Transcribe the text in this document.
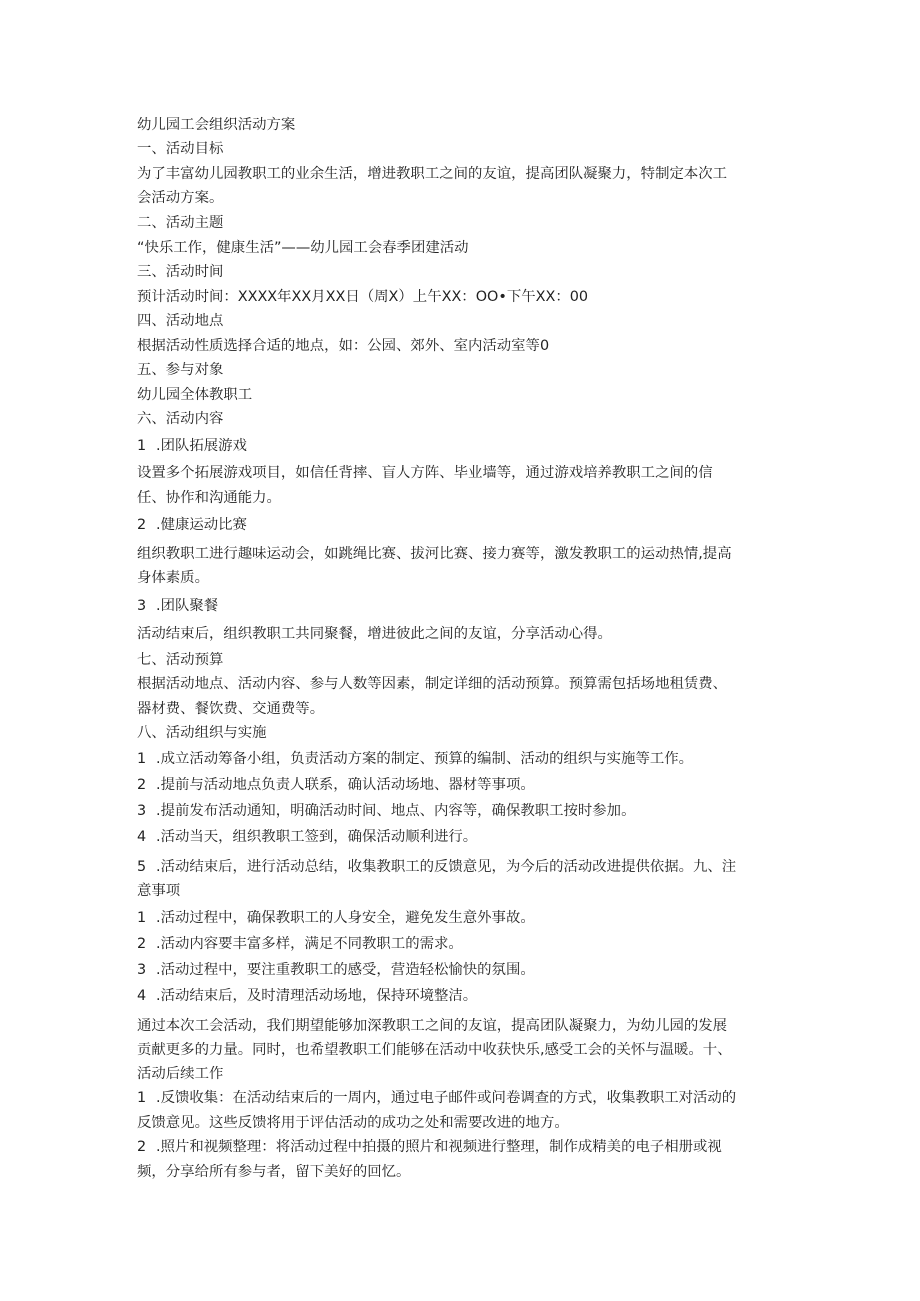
幼儿园工会组织活动方案
一、活动目标
为了丰富幼儿园教职工的业余生活，增进教职工之间的友谊，提高团队凝聚力，特制定本次工
会活动方案。
二、活动主题
“快乐工作，健康生活”——幼儿园工会春季团建活动
三、活动时间
预计活动时间：XXXX年XX月XX日（周X）上午XX：OO•下午XX：00
四、活动地点
根据活动性质选择合适的地点，如：公园、郊外、室内活动室等0
五、参与对象
幼儿园全体教职工
六、活动内容
1 .团队拓展游戏
设置多个拓展游戏项目，如信任背摔、盲人方阵、毕业墙等，通过游戏培养教职工之间的信
任、协作和沟通能力。
2 .健康运动比赛
组织教职工进行趣味运动会，如跳绳比赛、拔河比赛、接力赛等，激发教职工的运动热情,提高
身体素质。
3 .团队聚餐
活动结束后，组织教职工共同聚餐，增进彼此之间的友谊，分享活动心得。
七、活动预算
根据活动地点、活动内容、参与人数等因素，制定详细的活动预算。预算需包括场地租赁费、
器材费、餐饮费、交通费等。
八、活动组织与实施
1 .成立活动筹备小组，负责活动方案的制定、预算的编制、活动的组织与实施等工作。
2 .提前与活动地点负责人联系，确认活动场地、器材等事项。
3 .提前发布活动通知，明确活动时间、地点、内容等，确保教职工按时参加。
4 .活动当天，组织教职工签到，确保活动顺利进行。
5 .活动结束后，进行活动总结，收集教职工的反馈意见，为今后的活动改进提供依据。九、注
意事项
1 .活动过程中，确保教职工的人身安全，避免发生意外事故。
2 .活动内容要丰富多样，满足不同教职工的需求。
3 .活动过程中，要注重教职工的感受，营造轻松愉快的氛围。
4 .活动结束后，及时清理活动场地，保持环境整洁。
通过本次工会活动，我们期望能够加深教职工之间的友谊，提高团队凝聚力，为幼儿园的发展
贡献更多的力量。同时，也希望教职工们能够在活动中收获快乐,感受工会的关怀与温暖。十、
活动后续工作
1 .反馈收集：在活动结束后的一周内，通过电子邮件或问卷调查的方式，收集教职工对活动的
反馈意见。这些反馈将用于评估活动的成功之处和需要改进的地方。
2 .照片和视频整理：将活动过程中拍摄的照片和视频进行整理，制作成精美的电子相册或视
频，分享给所有参与者，留下美好的回忆。
